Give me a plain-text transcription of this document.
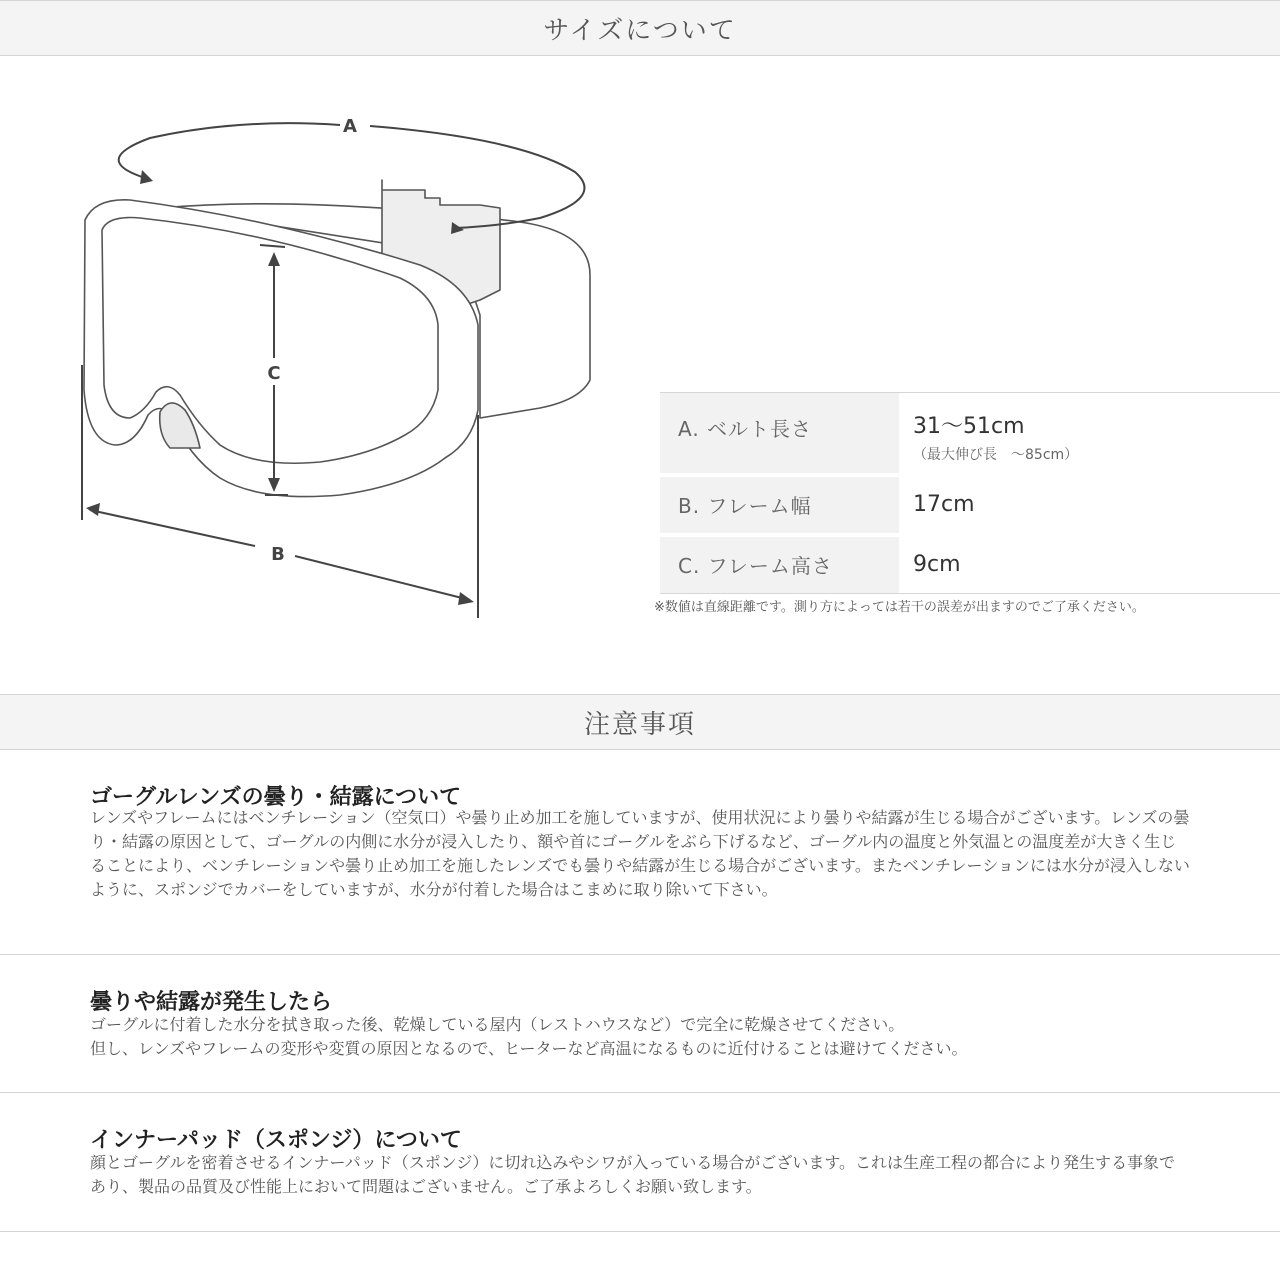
サイズについて
A
C
B
A. ベルト長さ	31〜51cm
（最大伸び長　〜85cm）

B. フレーム幅	17cm
C. フレーム高さ	9cm
※数値は直線距離です。測り方によっては若干の誤差が出ますのでご了承ください。
注意事項
ゴーグルレンズの曇り・結露について

レンズやフレームにはベンチレーション（空気口）や曇り止め加工を施していますが、使用状況により曇りや結露が生じる場合がございます。レンズの曇り・結露の原因として、ゴーグルの内側に水分が浸入したり、額や首にゴーグルをぶら下げるなど、ゴーグル内の温度と外気温との温度差が大きく生じることにより、ベンチレーションや曇り止め加工を施したレンズでも曇りや結露が生じる場合がございます。またベンチレーションには水分が浸入しないように、スポンジでカバーをしていますが、水分が付着した場合はこまめに取り除いて下さい。

曇りや結露が発生したら

ゴーグルに付着した水分を拭き取った後、乾燥している屋内（レストハウスなど）で完全に乾燥させてください。
但し、レンズやフレームの変形や変質の原因となるので、ヒーターなど高温になるものに近付けることは避けてください。

インナーパッド（スポンジ）について

顔とゴーグルを密着させるインナーパッド（スポンジ）に切れ込みやシワが入っている場合がございます。これは生産工程の都合により発生する事象であり、製品の品質及び性能上において問題はございません。ご了承よろしくお願い致します。
